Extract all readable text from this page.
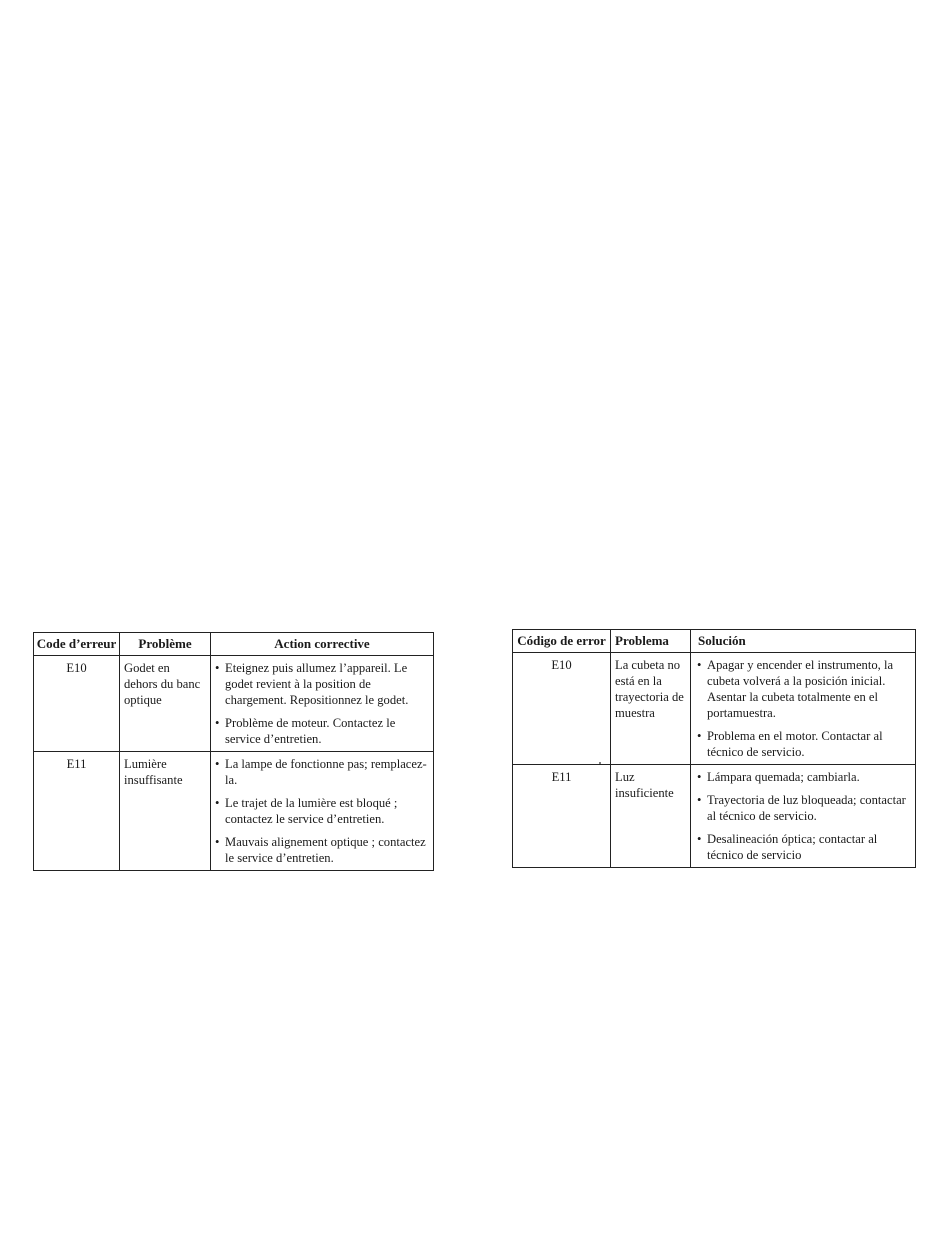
Code d’erreur	Problème	Action corrective
E10	Godet en dehors du banc optique	• Eteignez puis allumez l’appareil. Le godet revient à la position de chargement. Repositionnez le godet.
• Problème de moteur. Contactez le service d’entretien.

E11	Lumière insuffisante	• La lampe de fonctionne pas; remplacez-la.
• Le trajet de la lumière est bloqué ; contactez le service d’entretien.
• Mauvais alignement optique ; contactez le service d’entretien.
Código de error	Problema	Solución
E10	La cubeta no está en la trayectoria de muestra	• Apagar y encender el instrumento, la cubeta volverá a la posición inicial. Asentar la cubeta totalmente en el portamuestra.
• Problema en el motor. Contactar al técnico de servicio.

E11	Luz insuficiente	• Lámpara quemada; cambiarla.
• Trayectoria de luz bloqueada; contactar al técnico de servicio.
• Desalineación óptica; contactar al técnico de servicio
